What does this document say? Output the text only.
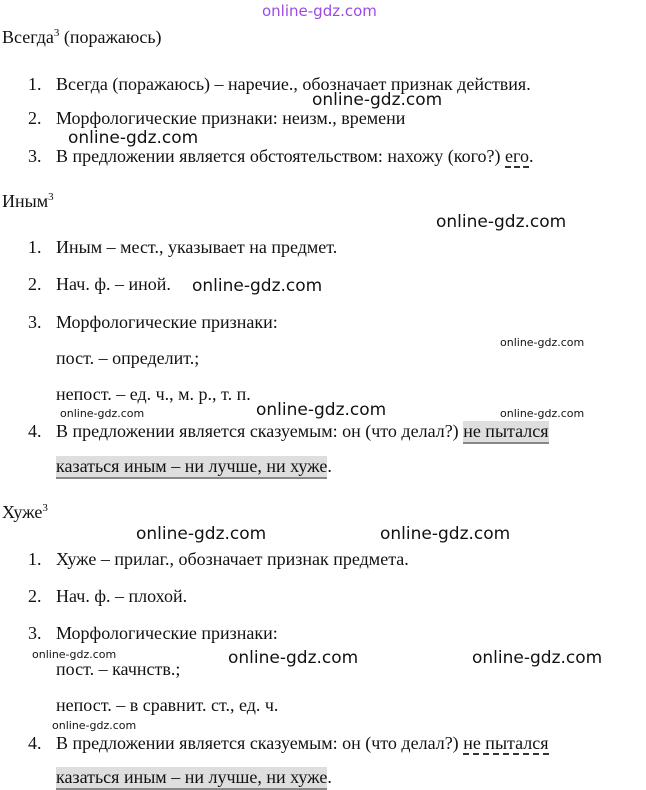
online-gdz.com
Всегда$^3$ (поражаюсь)
1. Всегда (поражаюсь) – наречие., обозначает признак действия.
2. Морфологические признаки: неизм., времени
3. В предложении является обстоятельством: нахожу (кого?) его.
Иным$^3$
1. Иным – мест., указывает на предмет.
2. Нач. ф. – иной.
3. Морфологические признаки:
пост. – определит.;
непост. – ед. ч., м. р., т. п.
4. В предложении является сказуемым: он (что делал?) не пытался
казаться иным – ни лучше, ни хуже.
Хуже$^3$
1. Хуже – прилаг., обозначает признак предмета.
2. Нач. ф. – плохой.
3. Морфологические признаки:
пост. – качнств.;
непост. – в сравнит. ст., ед. ч.
4. В предложении является сказуемым: он (что делал?) не пытался
казаться иным – ни лучше, ни хуже.
online-gdz.com
online-gdz.com
online-gdz.com
online-gdz.com
online-gdz.com
online-gdz.com	online-gdz.com	online-gdz.com
online-gdz.com	online-gdz.com
online-gdz.com	online-gdz.com	online-gdz.com
online-gdz.com
